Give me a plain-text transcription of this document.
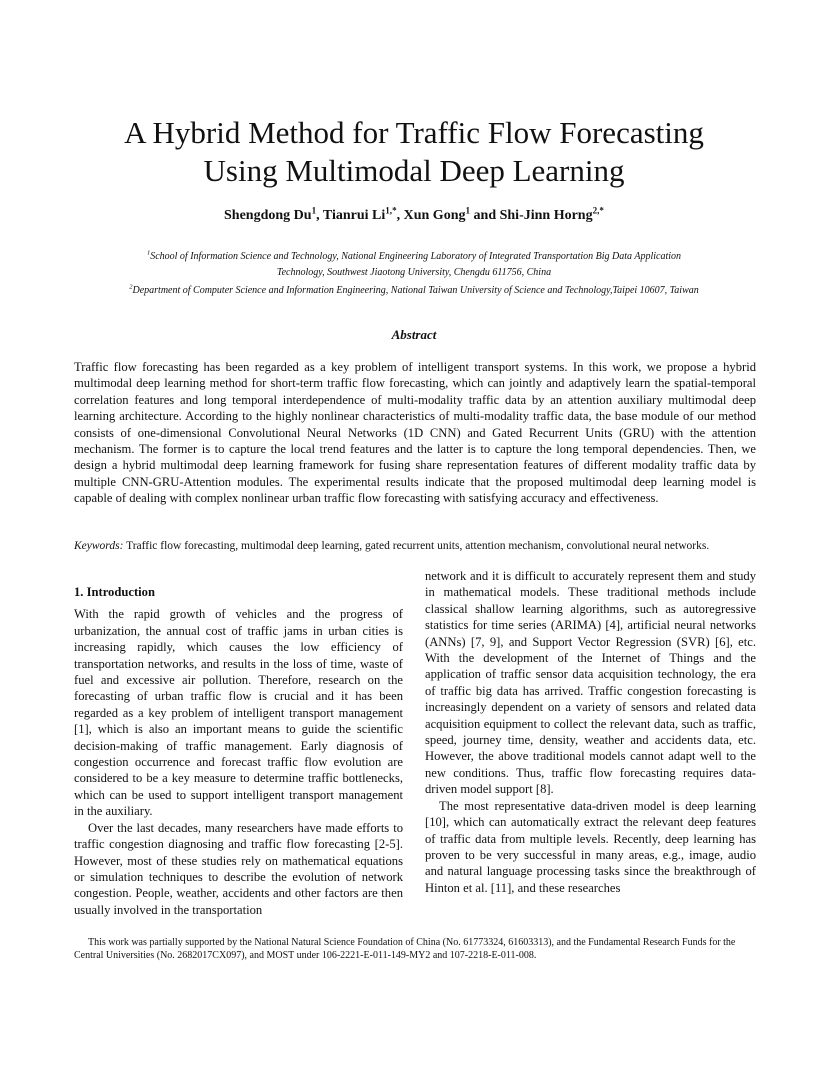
A Hybrid Method for Traffic Flow Forecasting
Using Multimodal Deep Learning
Shengdong Du$^1$, Tianrui $Li^{1,*}$, Xun Gong$^1$ and Shi-Jinn Horng$^{2,*}$
$^1$School of Information Science and Technology, National Engineering Laboratory of Integrated Transportation Big Data Application
Technology, Southwest Jiaotong University, Chengdu 611756, China
$^2$Department of Computer Science and Information Engineering, National Taiwan University of Science and Technology,Taipei 10607, Taiwan
Abstract
Traffic flow forecasting has been regarded as a key problem of intelligent transport systems. In this work, we propose a hybrid multimodal deep learning method for short-term traffic flow forecasting, which can jointly and adaptively learn the spatial-temporal correlation features and long temporal interdependence of multi-modality traffic data by an attention auxiliary multimodal deep learning architecture. According to the highly nonlinear characteristics of multi-modality traffic data, the base module of our method consists of one-dimensional Convolutional Neural Networks (1D CNN) and Gated Recurrent Units (GRU) with the attention mechanism. The former is to capture the local trend features and the latter is to capture the long temporal dependencies. Then, we design a hybrid multimodal deep learning framework for fusing share representation features of different modality traffic data by multiple CNN-GRU-Attention modules. The experimental results indicate that the proposed multimodal deep learning model is capable of dealing with complex nonlinear urban traffic flow forecasting with satisfying accuracy and effectiveness.
Keywords: Traffic flow forecasting, multimodal deep learning, gated recurrent units, attention mechanism, convolutional neural networks.
1. Introduction

With the rapid growth of vehicles and the progress of urbanization, the annual cost of traffic jams in urban cities is increasing rapidly, which causes the low efficiency of transportation networks, and results in the loss of time, waste of fuel and excessive air pollution. Therefore, research on the forecasting of urban traffic flow is crucial and it has been regarded as a key problem of intelligent transport management [1], which is also an important means to guide the scientific decision-making of traffic management. Early diagnosis of congestion occurrence and forecast traffic flow evolution are considered to be a key measure to determine traffic bottlenecks, which can be used to support intelligent transport management in the auxiliary.

Over the last decades, many researchers have made efforts to traffic congestion diagnosing and traffic flow forecasting [2-5]. However, most of these studies rely on mathematical equations or simulation techniques to describe the evolution of network congestion. People, weather, accidents and other factors are then usually involved in the transportation

network and it is difficult to accurately represent them and study in mathematical models. These traditional methods include classical shallow learning algorithms, such as autoregressive statistics for time series (ARIMA) [4], artificial neural networks (ANNs) [7, 9], and Support Vector Regression (SVR) [6], etc. With the development of the Internet of Things and the application of traffic sensor data acquisition technology, the era of traffic big data has arrived. Traffic congestion forecasting is increasingly dependent on a variety of sensors and related data acquisition equipment to collect the relevant data, such as traffic, speed, journey time, density, weather and accidents data, etc. However, the above traditional models cannot adapt well to the new conditions. Thus, traffic flow forecasting requires data-driven model support [8].

The most representative data-driven model is deep learning [10], which can automatically extract the relevant deep features of traffic data from multiple levels. Recently, deep learning has proven to be very successful in many areas, e.g., image, audio and natural language processing tasks since the breakthrough of Hinton et al. [11], and these researches

This work was partially supported by the National Natural Science Foundation of China (No. 61773324, 61603313), and the Fundamental Research Funds for the Central Universities (No. 2682017CX097), and MOST under 106-2221-E-011-149-MY2 and 107-2218-E-011-008.
